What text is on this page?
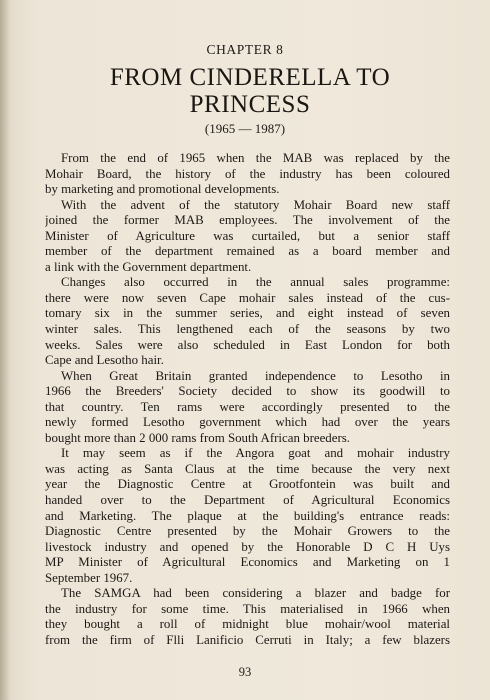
CHAPTER 8
FROM CINDERELLA TO
PRINCESS
(1965 — 1987)
From the end of 1965 when the MAB was replaced by the
Mohair Board, the history of the industry has been coloured
by marketing and promotional developments.
With the advent of the statutory Mohair Board new staff
joined the former MAB employees. The involvement of the
Minister of Agriculture was curtailed, but a senior staff
member of the department remained as a board member and
a link with the Government department.
Changes also occurred in the annual sales programme:
there were now seven Cape mohair sales instead of the cus-
tomary six in the summer series, and eight instead of seven
winter sales. This lengthened each of the seasons by two
weeks. Sales were also scheduled in East London for both
Cape and Lesotho hair.
When Great Britain granted independence to Lesotho in
1966 the Breeders' Society decided to show its goodwill to
that country. Ten rams were accordingly presented to the
newly formed Lesotho government which had over the years
bought more than 2 000 rams from South African breeders.
It may seem as if the Angora goat and mohair industry
was acting as Santa Claus at the time because the very next
year the Diagnostic Centre at Grootfontein was built and
handed over to the Department of Agricultural Economics
and Marketing. The plaque at the building's entrance reads:
Diagnostic Centre presented by the Mohair Growers to the
livestock industry and opened by the Honorable D C H Uys
MP Minister of Agricultural Economics and Marketing on 1
September 1967.
The SAMGA had been considering a blazer and badge for
the industry for some time. This materialised in 1966 when
they bought a roll of midnight blue mohair/wool material
from the firm of Flli Lanificio Cerruti in Italy; a few blazers
93
